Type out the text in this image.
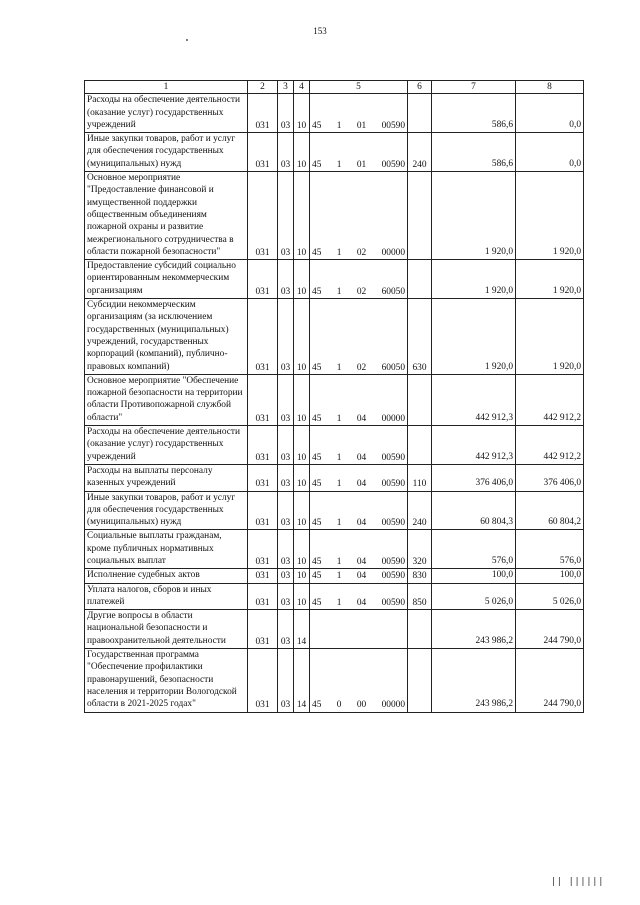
153
1	2	3	4	5	6	7	8
Расходы на обеспечение деятельности (оказание услуг) государственных учреждений	031	03	10	45 1 01 00590		586,6	0,0
Иные закупки товаров, работ и услуг для обеспечения государственных (муниципальных) нужд	031	03	10	45 1 01 00590	240	586,6	0,0
Основное мероприятие "Предоставление финансовой и имущественной поддержки общественным объединениям пожарной охраны и развитие межрегионального сотрудничества в области пожарной безопасности"	031	03	10	45 1 02 00000		1 920,0	1 920,0
Предоставление субсидий социально ориентированным некоммерческим организациям	031	03	10	45 1 02 60050		1 920,0	1 920,0
Субсидии некоммерческим организациям (за исключением государственных (муниципальных) учреждений, государственных корпораций (компаний), публично-правовых компаний)	031	03	10	45 1 02 60050	630	1 920,0	1 920,0
Основное мероприятие "Обеспечение пожарной безопасности на территории области Противопожарной службой области"	031	03	10	45 1 04 00000		442 912,3	442 912,2
Расходы на обеспечение деятельности (оказание услуг) государственных учреждений	031	03	10	45 1 04 00590		442 912,3	442 912,2
Расходы на выплаты персоналу казенных учреждений	031	03	10	45 1 04 00590	110	376 406,0	376 406,0
Иные закупки товаров, работ и услуг для обеспечения государственных (муниципальных) нужд	031	03	10	45 1 04 00590	240	60 804,3	60 804,2
Социальные выплаты гражданам, кроме публичных нормативных социальных выплат	031	03	10	45 1 04 00590	320	576,0	576,0
Исполнение судебных актов	031	03	10	45 1 04 00590	830	100,0	100,0
Уплата налогов, сборов и иных платежей	031	03	10	45 1 04 00590	850	5 026,0	5 026,0
Другие вопросы в области национальной безопасности и правоохранительной деятельности	031	03	14			243 986,2	244 790,0
Государственная программа "Обеспечение профилактики правонарушений, безопасности населения и территории Вологодской области в 2021-2025 годах"	031	03	14	45 0 00 00000		243 986,2	244 790,0
|| ||||||
